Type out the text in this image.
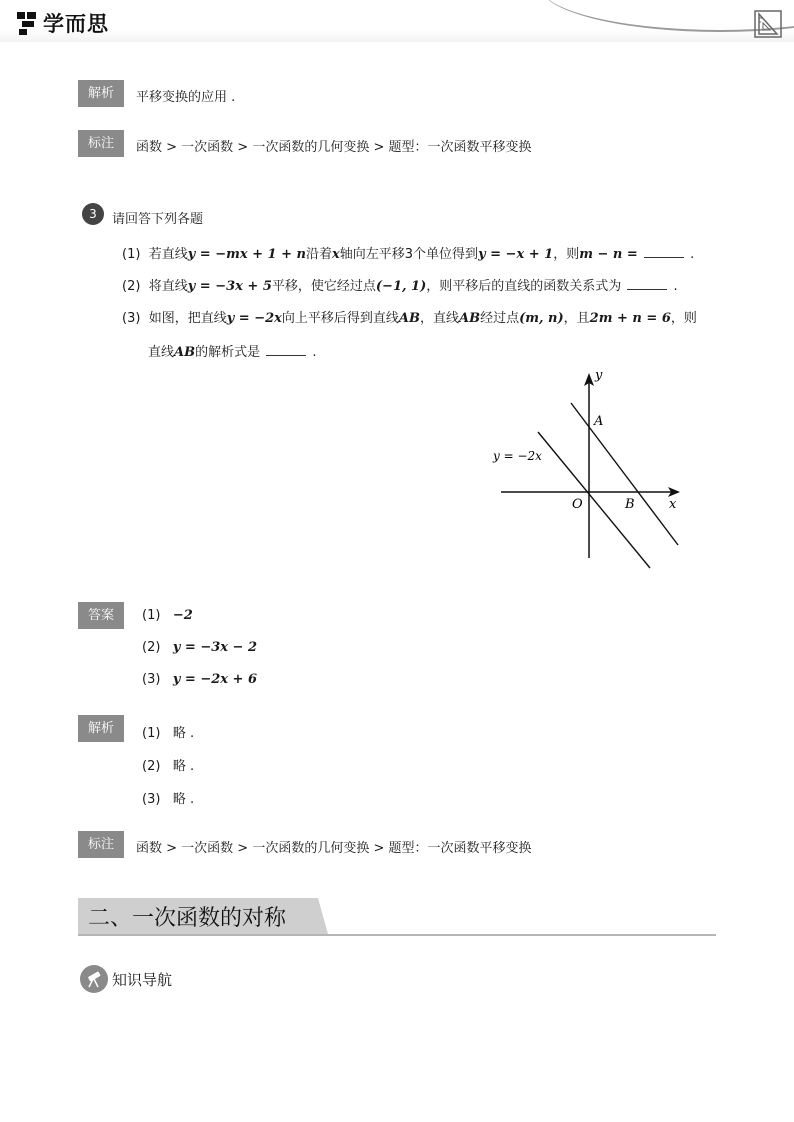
学而思
解析	平移变换的应用 .
标注	函数 > 一次函数 > 一次函数的几何变换 > 题型：一次函数平移变换
3	请回答下列各题
(1) 若直线y = −mx + 1 + n沿着x轴向左平移3个单位得到y = −x + 1，则m − n =	.
(2) 将直线y = −3x + 5平移，使它经过点(−1, 1)，则平移后的直线的函数关系式为	.
(3) 如图，把直线y = −2x向上平移后得到直线AB，直线AB经过点(m, n)，且2m + n = 6，则
直线AB的解析式是	.
y
x
O
A
B
y = −2x
答案	(1) −2
(2) y = −3x − 2
(3) y = −2x + 6
解析	(1) 略 .
(2) 略 .
(3) 略 .
标注	函数 > 一次函数 > 一次函数的几何变换 > 题型：一次函数平移变换
二、一次函数的对称
知识导航
